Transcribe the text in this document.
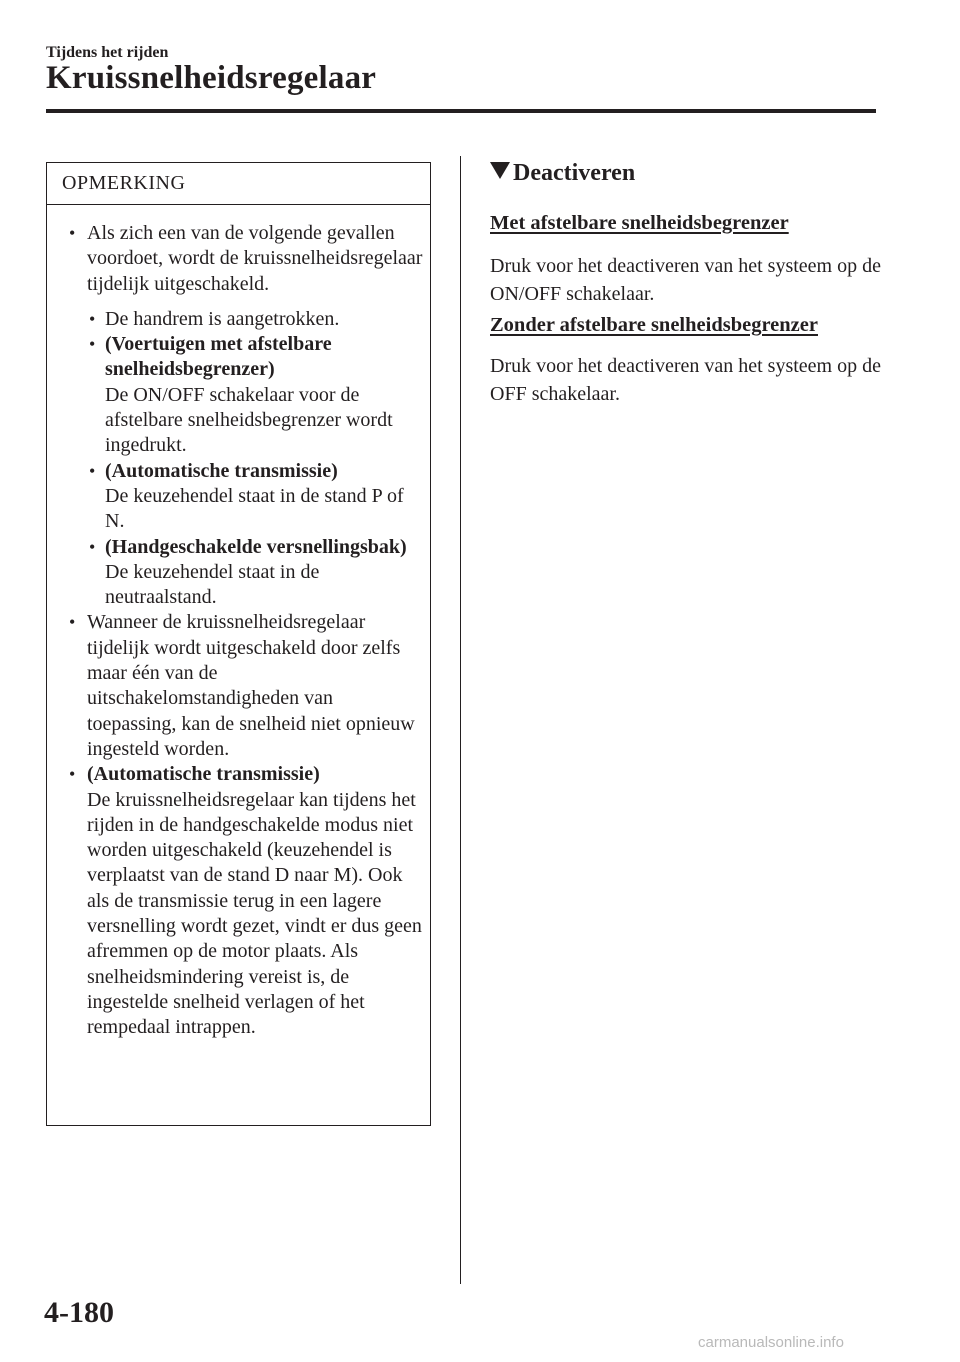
Tijdens het rijden
Kruissnelheidsregelaar
OPMERKING
• Als zich een van de volgende gevallen voordoet, wordt de kruissnelheidsregelaar tijdelijk uitgeschakeld.
• De handrem is aangetrokken.
• (Voertuigen met afstelbare snelheidsbegrenzer)
De ON/OFF schakelaar voor de afstelbare snelheidsbegrenzer wordt ingedrukt.
• (Automatische transmissie)
De keuzehendel staat in de stand P of N.
• (Handgeschakelde versnellingsbak)
De keuzehendel staat in de neutraalstand.
• Wanneer de kruissnelheidsregelaar tijdelijk wordt uitgeschakeld door zelfs maar één van de uitschakelomstandigheden van toepassing, kan de snelheid niet opnieuw ingesteld worden.
• (Automatische transmissie)
De kruissnelheidsregelaar kan tijdens het rijden in de handgeschakelde modus niet worden uitgeschakeld (keuzehendel is verplaatst van de stand D naar M). Ook als de transmissie terug in een lagere versnelling wordt gezet, vindt er dus geen afremmen op de motor plaats. Als snelheidsmindering vereist is, de ingestelde snelheid verlagen of het rempedaal intrappen.
Deactiveren
Met afstelbare snelheidsbegrenzer
Druk voor het deactiveren van het systeem op de ON/OFF schakelaar.
Zonder afstelbare snelheidsbegrenzer
Druk voor het deactiveren van het systeem op de OFF schakelaar.
4-180
carmanualsonline.info
